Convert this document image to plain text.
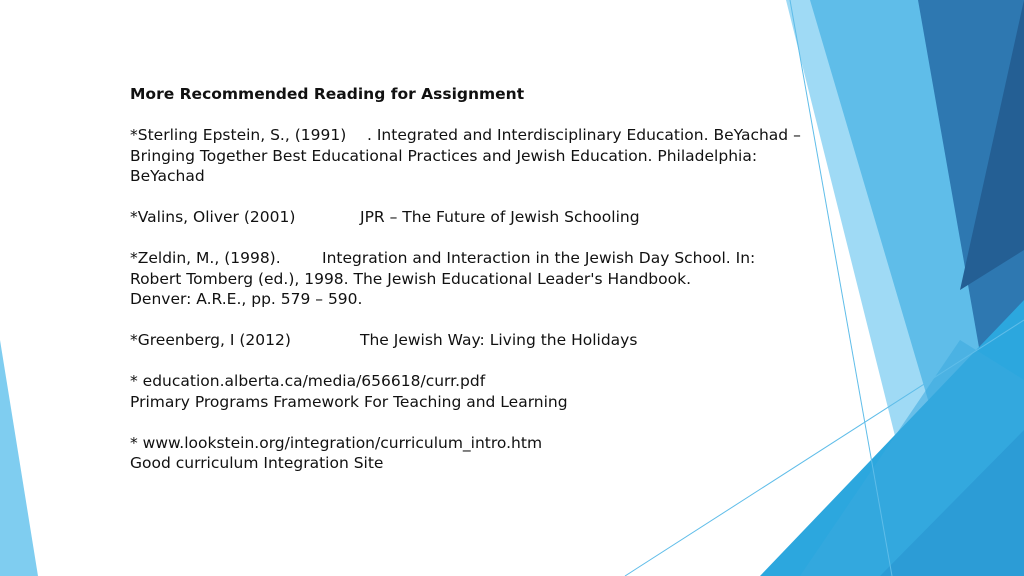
More Recommended Reading for Assignment
*Sterling Epstein, S., (1991)	. Integrated and Interdisciplinary Education. BeYachad –
Bringing Together Best Educational Practices and Jewish Education. Philadelphia:
BeYachad
*Valins, Oliver (2001)	JPR – The Future of Jewish Schooling
*Zeldin, M., (1998).	Integration and Interaction in the Jewish Day School. In:
Robert Tomberg (ed.), 1998. The Jewish Educational Leader's Handbook.
Denver: A.R.E., pp. 579 – 590.
*Greenberg, I (2012)	The Jewish Way: Living the Holidays
* education.alberta.ca/media/656618/curr.pdf
Primary Programs Framework For Teaching and Learning
* www.lookstein.org/integration/curriculum_intro.htm
Good curriculum Integration Site
